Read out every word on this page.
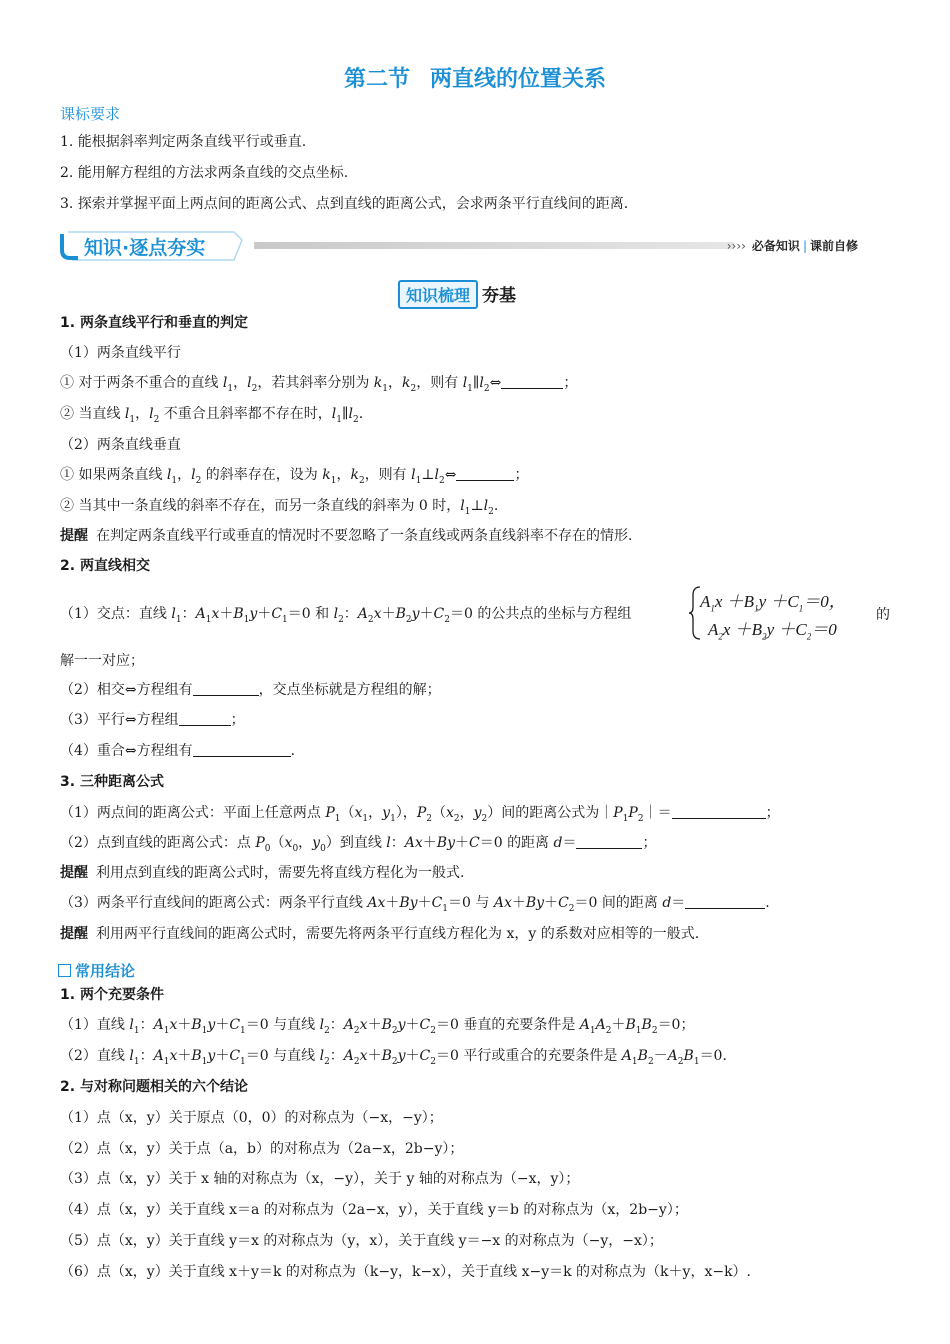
第二节 两直线的位置关系
课标要求
1. 能根据斜率判定两条直线平行或垂直.
2. 能用解方程组的方法求两条直线的交点坐标.
3. 探索并掌握平面上两点间的距离公式、点到直线的距离公式，会求两条平行直线间的距离.
知识·逐点夯实	›››› 必备知识 | 课前自修
知识梳理 夯基
1. 两条直线平行和垂直的判定
（1）两条直线平行
① 对于两条不重合的直线 $l_1$，$l_2$，若其斜率分别为 $k_1$，$k_2$，则有 $l_1\parallel l_2\Leftrightarrow$	；
② 当直线 $l_1$，$l_2$ 不重合且斜率都不存在时，$l_1\parallel l_2$.
（2）两条直线垂直
① 如果两条直线 $l_1$，$l_2$ 的斜率存在，设为 $k_1$，$k_2$，则有 $l_1\perp l_2\Leftrightarrow$	；
② 当其中一条直线的斜率不存在，而另一条直线的斜率为 0 时，$l_1\perp l_2$.
提醒 在判定两条直线平行或垂直的情况时不要忽略了一条直线或两条直线斜率不存在的情形.
2. 两直线相交
（1）交点：直线 $l_1$：$A_1x+B_1y+C_1=0$ 和 $l_2$：$A_2x+B_2y+C_2=0$ 的公共点的坐标与方程组
$A_1x +B_1y +C_1=0$，
$A_2x +B_2y +C_2=0$
的
解一一对应；
（2）相交⇔方程组有	，交点坐标就是方程组的解；
（3）平行⇔方程组	；
（4）重合⇔方程组有	.
3. 三种距离公式
（1）两点间的距离公式：平面上任意两点 $P_1(x_1$，$y_1$），$P_2(x_2$，$y_2$）间的距离公式为$|P_1P_2|=$	；
（2）点到直线的距离公式：点 $P_0(x_0$，$y_0$）到直线 l：Ax＋By＋C＝0 的距离 d＝	；
提醒 利用点到直线的距离公式时，需要先将直线方程化为一般式.
（3）两条平行直线间的距离公式：两条平行直线 $Ax+By+C_1=0$ 与 $Ax+By+C_2=0$ 间的距离 d＝	.
提醒 利用两平行直线间的距离公式时，需要先将两条平行直线方程化为 x，y 的系数对应相等的一般式.
常用结论
1. 两个充要条件
（1）直线 $l_1$：$A_1x+B_1y+C_1=0$ 与直线 $l_2$：$A_2x+B_2y+C_2=0$ 垂直的充要条件是 $A_1A_2+B_1B_2=0$；
（2）直线 $l_1$：$A_1x+B_1y+C_1=0$ 与直线 $l_2$：$A_2x+B_2y+C_2=0$ 平行或重合的充要条件是 $A_1B_2-A_2B_1=0$.
2. 与对称问题相关的六个结论
（1）点（x，y）关于原点（0，0）的对称点为（−x，−y）；
（2）点（x，y）关于点（a，b）的对称点为（2a−x，2b−y）；
（3）点（x，y）关于 x 轴的对称点为（x，−y），关于 y 轴的对称点为（−x，y）；
（4）点（x，y）关于直线 x＝a 的对称点为（2a−x，y），关于直线 y＝b 的对称点为（x，2b−y）；
（5）点（x，y）关于直线 y＝x 的对称点为（y，x），关于直线 y＝−x 的对称点为（−y，−x）；
（6）点（x，y）关于直线 x＋y＝k 的对称点为（k−y，k−x），关于直线 x−y＝k 的对称点为（k＋y，x−k）.
